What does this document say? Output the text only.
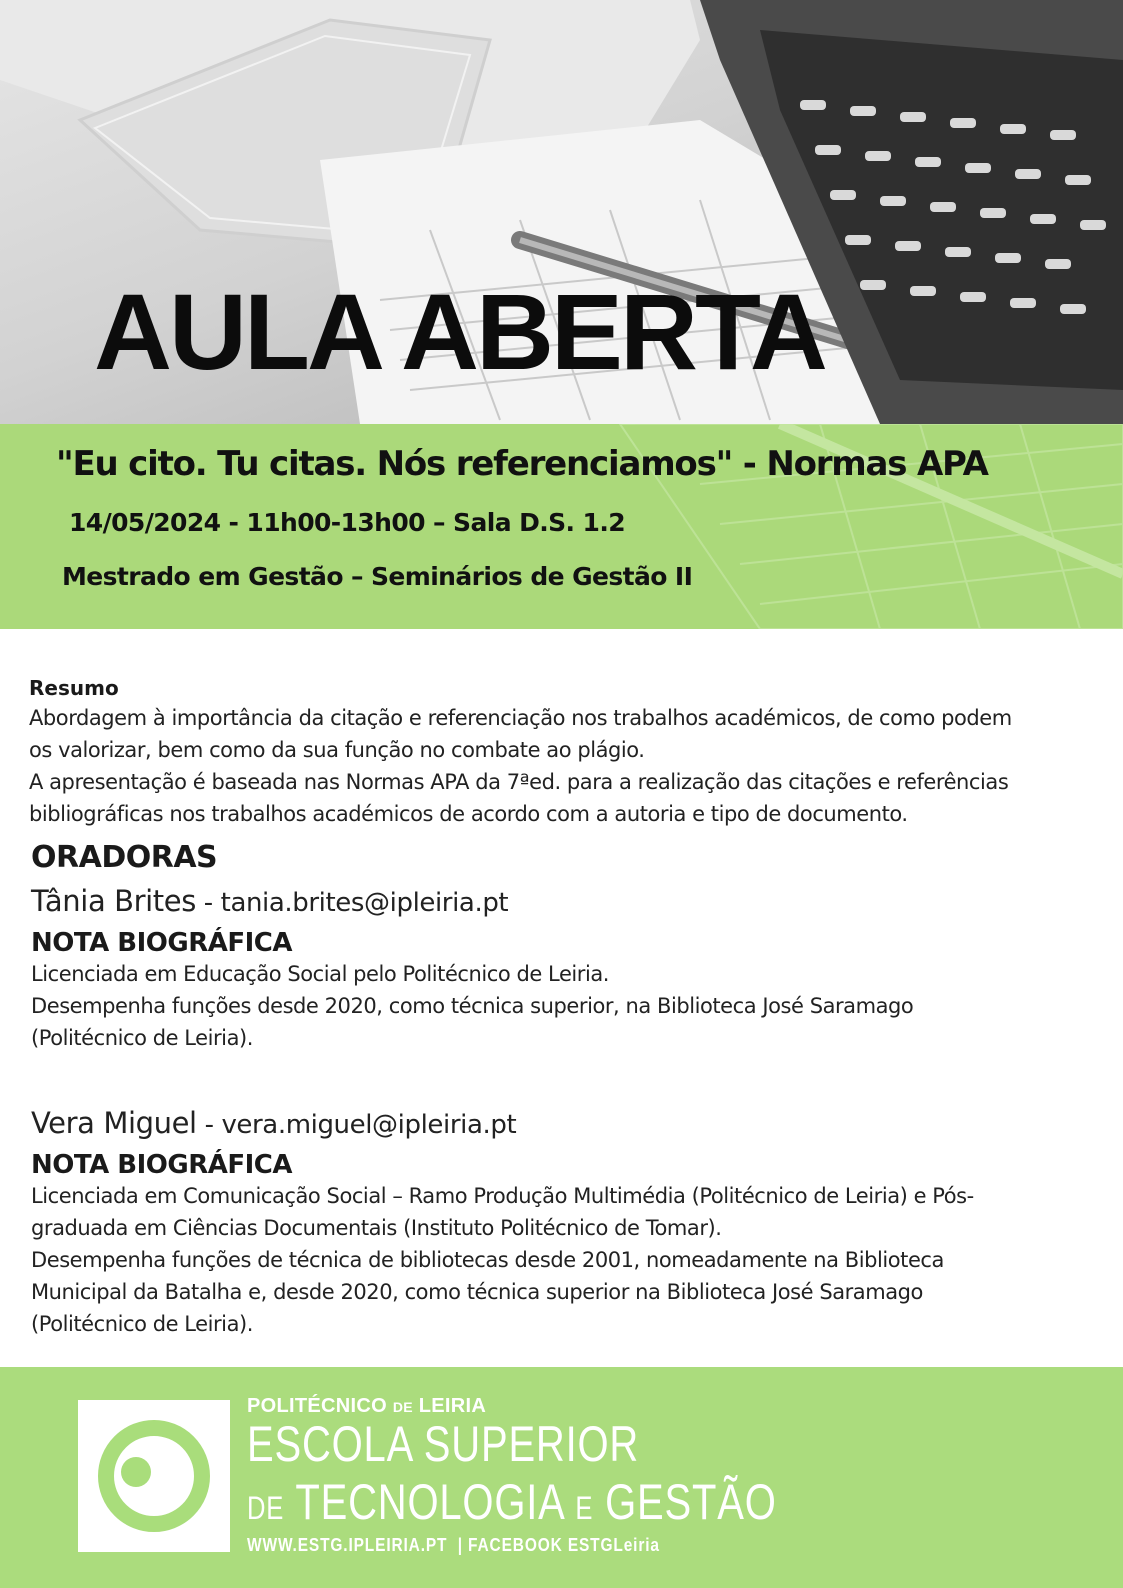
AULA ABERTA
"Eu cito. Tu citas. Nós referenciamos" - Normas APA
14/05/2024 - 11h00-13h00 – Sala D.S. 1.2
Mestrado em Gestão – Seminários de Gestão II
Resumo
Abordagem à importância da citação e referenciação nos trabalhos académicos, de como podem
os valorizar, bem como da sua função no combate ao plágio.
A apresentação é baseada nas Normas APA da 7ªed. para a realização das citações e referências
bibliográficas nos trabalhos académicos de acordo com a autoria e tipo de documento.
ORADORAS
Tânia Brites - tania.brites@ipleiria.pt
NOTA BIOGRÁFICA
Licenciada em Educação Social pelo Politécnico de Leiria.
Desempenha funções desde 2020, como técnica superior, na Biblioteca José Saramago
(Politécnico de Leiria).
Vera Miguel - vera.miguel@ipleiria.pt
NOTA BIOGRÁFICA
Licenciada em Comunicação Social – Ramo Produção Multimédia (Politécnico de Leiria) e Pós-
graduada em Ciências Documentais (Instituto Politécnico de Tomar).
Desempenha funções de técnica de bibliotecas desde 2001, nomeadamente na Biblioteca
Municipal da Batalha e, desde 2020, como técnica superior na Biblioteca José Saramago
(Politécnico de Leiria).
POLITÉCNICO DE LEIRIA
ESCOLA SUPERIOR
DE TECNOLOGIA E GESTÃO
WWW.ESTG.IPLEIRIA.PT  | FACEBOOK ESTGLeiria
